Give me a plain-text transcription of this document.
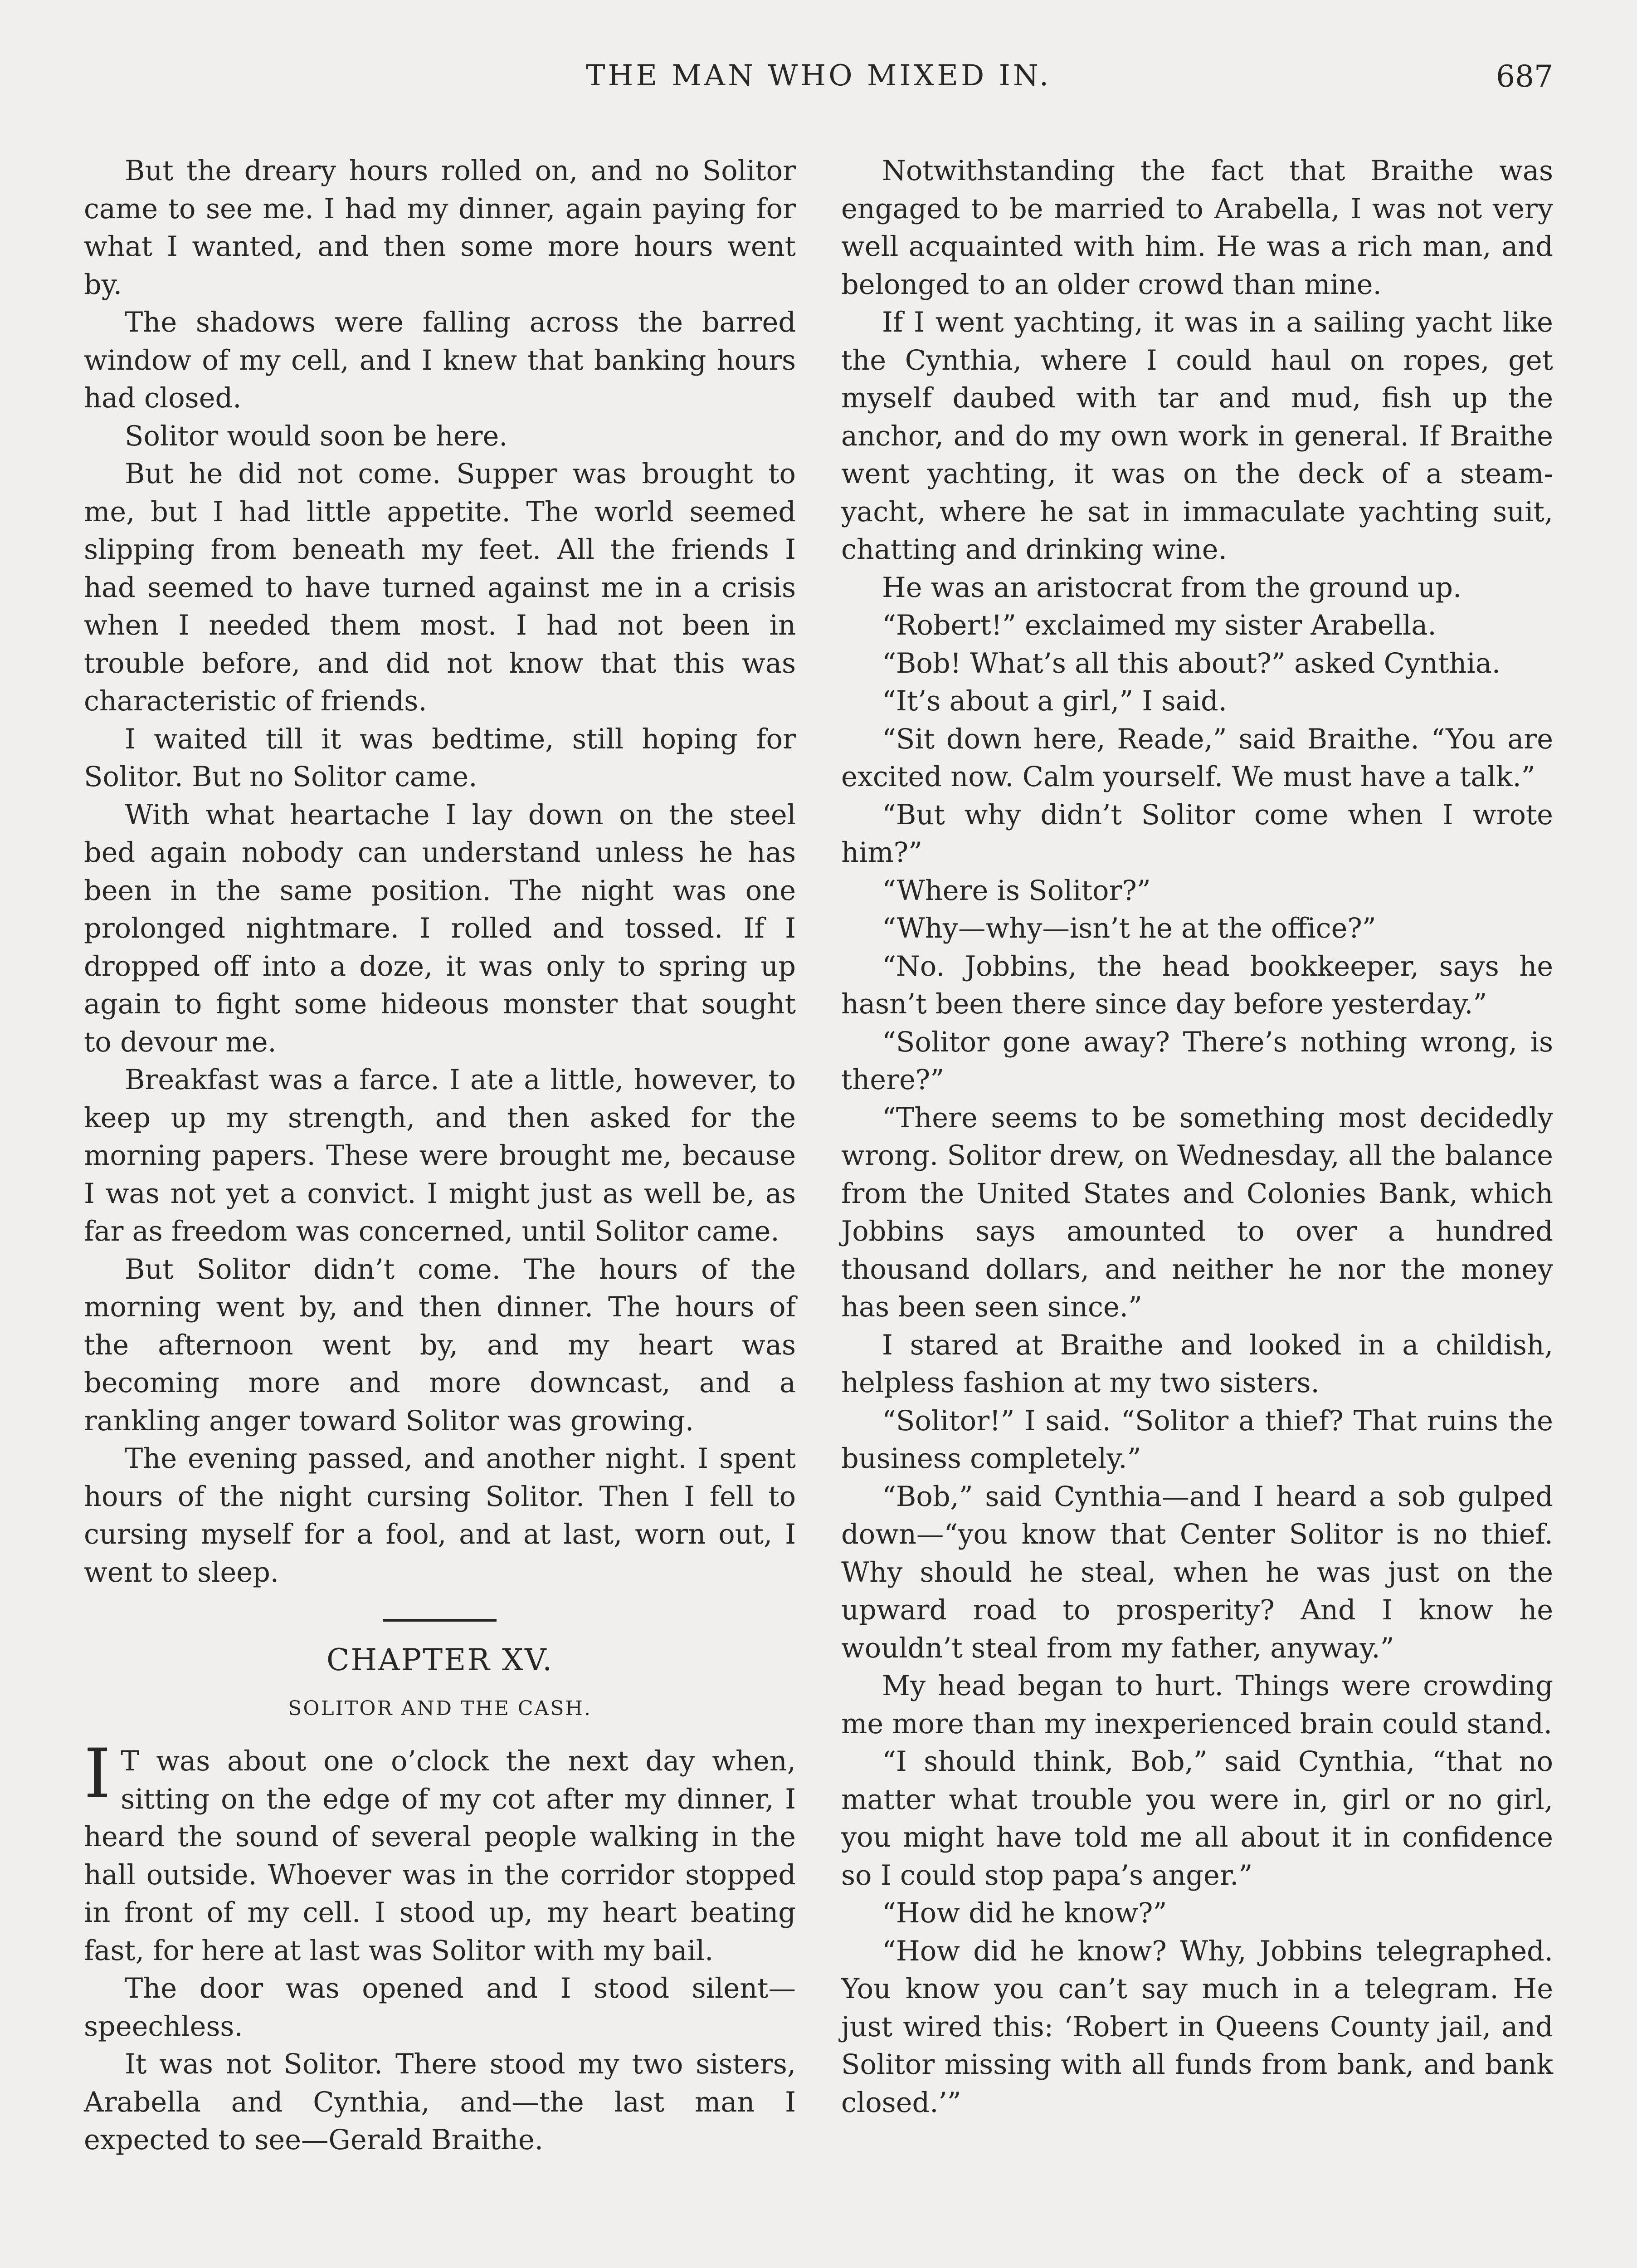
THE MAN WHO MIXED IN.	687

But the dreary hours rolled on, and no Solitor came to see me. I had my dinner, again paying for what I wanted, and then some more hours went by.

The shadows were falling across the barred window of my cell, and I knew that banking hours had closed.

Solitor would soon be here.

But he did not come. Supper was brought to me, but I had little appetite. The world seemed slipping from beneath my feet. All the friends I had seemed to have turned against me in a crisis when I needed them most. I had not been in trouble before, and did not know that this was characteristic of friends.

I waited till it was bedtime, still hoping for Solitor. But no Solitor came.

With what heartache I lay down on the steel bed again nobody can understand unless he has been in the same position. The night was one prolonged nightmare. I rolled and tossed. If I dropped off into a doze, it was only to spring up again to fight some hideous monster that sought to devour me.

Breakfast was a farce. I ate a little, however, to keep up my strength, and then asked for the morning papers. These were brought me, because I was not yet a convict. I might just as well be, as far as freedom was concerned, until Solitor came.

But Solitor didn’t come. The hours of the morning went by, and then dinner. The hours of the afternoon went by, and my heart was becoming more and more downcast, and a rankling anger toward Solitor was growing.

The evening passed, and another night. I spent hours of the night cursing Solitor. Then I fell to cursing myself for a fool, and at last, worn out, I went to sleep.

CHAPTER XV.
SOLITOR AND THE CASH.

I T was about one o’clock the next day when, sitting on the edge of my cot after my dinner, I heard the sound of several people walking in the hall outside. Whoever was in the corridor stopped in front of my cell. I stood up, my heart beating fast, for here at last was Solitor with my bail.

The door was opened and I stood silent—speechless.

It was not Solitor. There stood my two sisters, Arabella and Cynthia, and—the last man I expected to see—Gerald Braithe.

Notwithstanding the fact that Braithe was engaged to be married to Arabella, I was not very well acquainted with him. He was a rich man, and belonged to an older crowd than mine.

If I went yachting, it was in a sailing yacht like the Cynthia, where I could haul on ropes, get myself daubed with tar and mud, fish up the anchor, and do my own work in general. If Braithe went yachting, it was on the deck of a steam-yacht, where he sat in immaculate yachting suit, chatting and drinking wine.

He was an aristocrat from the ground up.

“Robert!” exclaimed my sister Arabella.

“Bob! What’s all this about?” asked Cynthia.

“It’s about a girl,” I said.

“Sit down here, Reade,” said Braithe. “You are excited now. Calm yourself. We must have a talk.”

“But why didn’t Solitor come when I wrote him?”

“Where is Solitor?”

“Why—why—isn’t he at the office?”

“No. Jobbins, the head bookkeeper, says he hasn’t been there since day before yesterday.”

“Solitor gone away? There’s nothing wrong, is there?”

“There seems to be something most decidedly wrong. Solitor drew, on Wednesday, all the balance from the United States and Colonies Bank, which Jobbins says amounted to over a hundred thousand dollars, and neither he nor the money has been seen since.”

I stared at Braithe and looked in a childish, helpless fashion at my two sisters.

“Solitor!” I said. “Solitor a thief? That ruins the business completely.”

“Bob,” said Cynthia—and I heard a sob gulped down—“you know that Center Solitor is no thief. Why should he steal, when he was just on the upward road to prosperity? And I know he wouldn’t steal from my father, anyway.”

My head began to hurt. Things were crowding me more than my inexperienced brain could stand.

“I should think, Bob,” said Cynthia, “that no matter what trouble you were in, girl or no girl, you might have told me all about it in confidence so I could stop papa’s anger.”

“How did he know?”

“How did he know? Why, Jobbins telegraphed. You know you can’t say much in a telegram. He just wired this: ‘Robert in Queens County jail, and Solitor missing with all funds from bank, and bank closed.’”
